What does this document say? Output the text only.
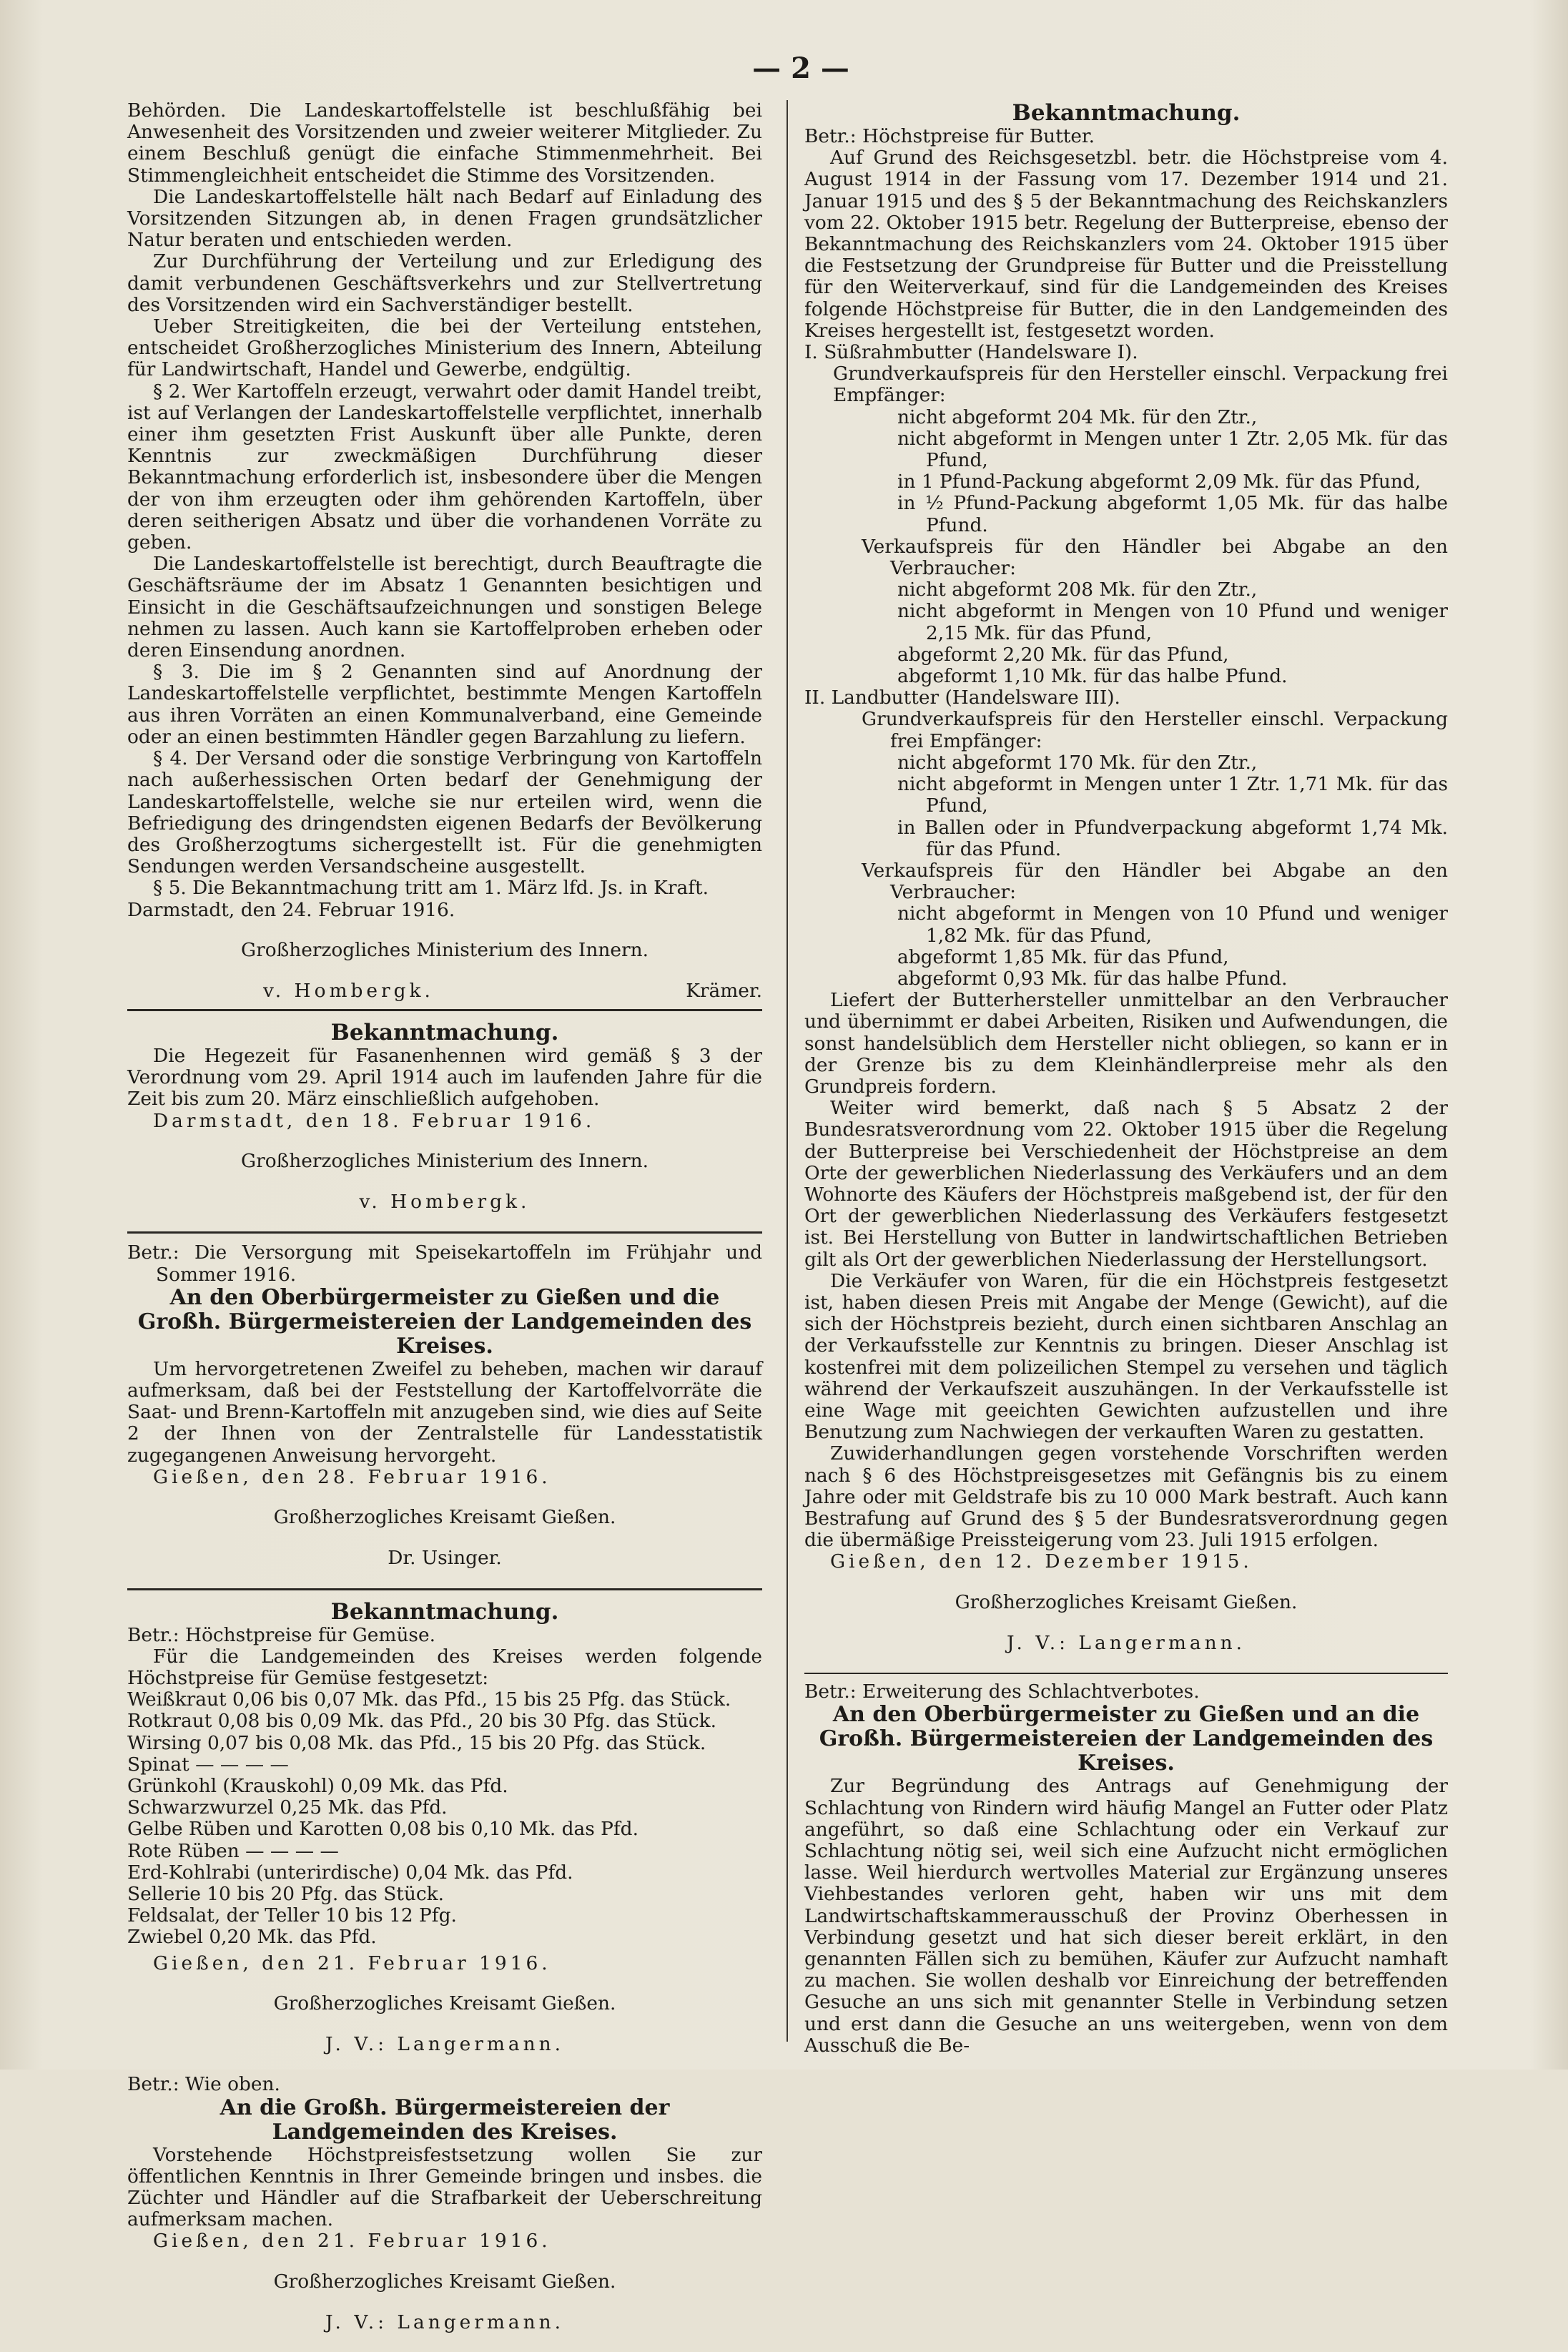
— 2 —

Behörden. Die Landeskartoffelstelle ist beschlußfähig bei Anwesenheit des Vorsitzenden und zweier weiterer Mitglieder. Zu einem Beschluß genügt die einfache Stimmenmehrheit. Bei Stimmengleichheit entscheidet die Stimme des Vorsitzenden.

Die Landeskartoffelstelle hält nach Bedarf auf Einladung des Vorsitzenden Sitzungen ab, in denen Fragen grundsätzlicher Natur beraten und entschieden werden.

Zur Durchführung der Verteilung und zur Erledigung des damit verbundenen Geschäftsverkehrs und zur Stellvertretung des Vorsitzenden wird ein Sachverständiger bestellt.

Ueber Streitigkeiten, die bei der Verteilung entstehen, entscheidet Großherzogliches Ministerium des Innern, Abteilung für Landwirtschaft, Handel und Gewerbe, endgültig.

§ 2. Wer Kartoffeln erzeugt, verwahrt oder damit Handel treibt, ist auf Verlangen der Landeskartoffelstelle verpflichtet, innerhalb einer ihm gesetzten Frist Auskunft über alle Punkte, deren Kenntnis zur zweckmäßigen Durchführung dieser Bekanntmachung erforderlich ist, insbesondere über die Mengen der von ihm erzeugten oder ihm gehörenden Kartoffeln, über deren seitherigen Absatz und über die vorhandenen Vorräte zu geben.

Die Landeskartoffelstelle ist berechtigt, durch Beauftragte die Geschäftsräume der im Absatz 1 Genannten besichtigen und Einsicht in die Geschäftsaufzeichnungen und sonstigen Belege nehmen zu lassen. Auch kann sie Kartoffelproben erheben oder deren Einsendung anordnen.

§ 3. Die im § 2 Genannten sind auf Anordnung der Landeskartoffelstelle verpflichtet, bestimmte Mengen Kartoffeln aus ihren Vorräten an einen Kommunalverband, eine Gemeinde oder an einen bestimmten Händler gegen Barzahlung zu liefern.

§ 4. Der Versand oder die sonstige Verbringung von Kartoffeln nach außerhessischen Orten bedarf der Genehmigung der Landeskartoffelstelle, welche sie nur erteilen wird, wenn die Befriedigung des dringendsten eigenen Bedarfs der Bevölkerung des Großherzogtums sichergestellt ist. Für die genehmigten Sendungen werden Versandscheine ausgestellt.

§ 5. Die Bekanntmachung tritt am 1. März lfd. Js. in Kraft.

Darmstadt, den 24. Februar 1916.

Großherzogliches Ministerium des Innern.

v. Hombergk.	Krämer.

Bekanntmachung.

Die Hegezeit für Fasanenhennen wird gemäß § 3 der Verordnung vom 29. April 1914 auch im laufenden Jahre für die Zeit bis zum 20. März einschließlich aufgehoben.

Darmstadt, den 18. Februar 1916.

Großherzogliches Ministerium des Innern.

v. Hombergk.

Betr.: Die Versorgung mit Speisekartoffeln im Frühjahr und Sommer 1916.

An den Oberbürgermeister zu Gießen und die Großh. Bürgermeistereien der Landgemeinden des Kreises.

Um hervorgetretenen Zweifel zu beheben, machen wir darauf aufmerksam, daß bei der Feststellung der Kartoffelvorräte die Saat- und Brenn-Kartoffeln mit anzugeben sind, wie dies auf Seite 2 der Ihnen von der Zentralstelle für Landesstatistik zugegangenen Anweisung hervorgeht.

Gießen, den 28. Februar 1916.

Großherzogliches Kreisamt Gießen.

Dr. Usinger.

Bekanntmachung.

Betr.: Höchstpreise für Gemüse.

Für die Landgemeinden des Kreises werden folgende Höchstpreise für Gemüse festgesetzt:

Weißkraut 0,06 bis 0,07 Mk. das Pfd., 15 bis 25 Pfg. das Stück.

Rotkraut 0,08 bis 0,09 Mk. das Pfd., 20 bis 30 Pfg. das Stück.

Wirsing 0,07 bis 0,08 Mk. das Pfd., 15 bis 20 Pfg. das Stück.

Spinat — — — —

Grünkohl (Krauskohl) 0,09 Mk. das Pfd.

Schwarzwurzel 0,25 Mk. das Pfd.

Gelbe Rüben und Karotten 0,08 bis 0,10 Mk. das Pfd.

Rote Rüben — — — —

Erd-Kohlrabi (unterirdische) 0,04 Mk. das Pfd.

Sellerie 10 bis 20 Pfg. das Stück.

Feldsalat, der Teller 10 bis 12 Pfg.

Zwiebel 0,20 Mk. das Pfd.

Gießen, den 21. Februar 1916.

Großherzogliches Kreisamt Gießen.

J. V.: Langermann.

Betr.: Wie oben.

An die Großh. Bürgermeistereien der Landgemeinden des Kreises.

Vorstehende Höchstpreisfestsetzung wollen Sie zur öffentlichen Kenntnis in Ihrer Gemeinde bringen und insbes. die Züchter und Händler auf die Strafbarkeit der Ueberschreitung aufmerksam machen.

Gießen, den 21. Februar 1916.

Großherzogliches Kreisamt Gießen.

J. V.: Langermann.

Bekanntmachung.

Betr.: Höchstpreise für Butter.

Auf Grund des Reichsgesetzbl. betr. die Höchstpreise vom 4. August 1914 in der Fassung vom 17. Dezember 1914 und 21. Januar 1915 und des § 5 der Bekanntmachung des Reichskanzlers vom 22. Oktober 1915 betr. Regelung der Butterpreise, ebenso der Bekanntmachung des Reichskanzlers vom 24. Oktober 1915 über die Festsetzung der Grundpreise für Butter und die Preisstellung für den Weiterverkauf, sind für die Landgemeinden des Kreises folgende Höchstpreise für Butter, die in den Landgemeinden des Kreises hergestellt ist, festgesetzt worden.

I. Süßrahmbutter (Handelsware I).

Grundverkaufspreis für den Hersteller einschl. Verpackung frei Empfänger:

nicht abgeformt 204 Mk. für den Ztr.,

nicht abgeformt in Mengen unter 1 Ztr. 2,05 Mk. für das Pfund,

in 1 Pfund-Packung abgeformt 2,09 Mk. für das Pfund,

in ½ Pfund-Packung abgeformt 1,05 Mk. für das halbe Pfund.

Verkaufspreis für den Händler bei Abgabe an den Verbraucher:

nicht abgeformt 208 Mk. für den Ztr.,

nicht abgeformt in Mengen von 10 Pfund und weniger 2,15 Mk. für das Pfund,

abgeformt 2,20 Mk. für das Pfund,

abgeformt 1,10 Mk. für das halbe Pfund.

II. Landbutter (Handelsware III).

Grundverkaufspreis für den Hersteller einschl. Verpackung frei Empfänger:

nicht abgeformt 170 Mk. für den Ztr.,

nicht abgeformt in Mengen unter 1 Ztr. 1,71 Mk. für das Pfund,

in Ballen oder in Pfundverpackung abgeformt 1,74 Mk. für das Pfund.

Verkaufspreis für den Händler bei Abgabe an den Verbraucher:

nicht abgeformt in Mengen von 10 Pfund und weniger 1,82 Mk. für das Pfund,

abgeformt 1,85 Mk. für das Pfund,

abgeformt 0,93 Mk. für das halbe Pfund.

Liefert der Butterhersteller unmittelbar an den Verbraucher und übernimmt er dabei Arbeiten, Risiken und Aufwendungen, die sonst handelsüblich dem Hersteller nicht obliegen, so kann er in der Grenze bis zu dem Kleinhändlerpreise mehr als den Grundpreis fordern.

Weiter wird bemerkt, daß nach § 5 Absatz 2 der Bundesratsverordnung vom 22. Oktober 1915 über die Regelung der Butterpreise bei Verschiedenheit der Höchstpreise an dem Orte der gewerblichen Niederlassung des Verkäufers und an dem Wohnorte des Käufers der Höchstpreis maßgebend ist, der für den Ort der gewerblichen Niederlassung des Verkäufers festgesetzt ist. Bei Herstellung von Butter in landwirtschaftlichen Betrieben gilt als Ort der gewerblichen Niederlassung der Herstellungsort.

Die Verkäufer von Waren, für die ein Höchstpreis festgesetzt ist, haben diesen Preis mit Angabe der Menge (Gewicht), auf die sich der Höchstpreis bezieht, durch einen sichtbaren Anschlag an der Verkaufsstelle zur Kenntnis zu bringen. Dieser Anschlag ist kostenfrei mit dem polizeilichen Stempel zu versehen und täglich während der Verkaufszeit auszuhängen. In der Verkaufsstelle ist eine Wage mit geeichten Gewichten aufzustellen und ihre Benutzung zum Nachwiegen der verkauften Waren zu gestatten.

Zuwiderhandlungen gegen vorstehende Vorschriften werden nach § 6 des Höchstpreisgesetzes mit Gefängnis bis zu einem Jahre oder mit Geldstrafe bis zu 10 000 Mark bestraft. Auch kann Bestrafung auf Grund des § 5 der Bundesratsverordnung gegen die übermäßige Preissteigerung vom 23. Juli 1915 erfolgen.

Gießen, den 12. Dezember 1915.

Großherzogliches Kreisamt Gießen.

J. V.: Langermann.

Betr.: Erweiterung des Schlachtverbotes.

An den Oberbürgermeister zu Gießen und an die Großh. Bürgermeistereien der Landgemeinden des Kreises.

Zur Begründung des Antrags auf Genehmigung der Schlachtung von Rindern wird häufig Mangel an Futter oder Platz angeführt, so daß eine Schlachtung oder ein Verkauf zur Schlachtung nötig sei, weil sich eine Aufzucht nicht ermöglichen lasse. Weil hierdurch wertvolles Material zur Ergänzung unseres Viehbestandes verloren geht, haben wir uns mit dem Landwirtschaftskammerausschuß der Provinz Oberhessen in Verbindung gesetzt und hat sich dieser bereit erklärt, in den genannten Fällen sich zu bemühen, Käufer zur Aufzucht namhaft zu machen. Sie wollen deshalb vor Einreichung der betreffenden Gesuche an uns sich mit genannter Stelle in Verbindung setzen und erst dann die Gesuche an uns weitergeben, wenn von dem Ausschuß die Be-
